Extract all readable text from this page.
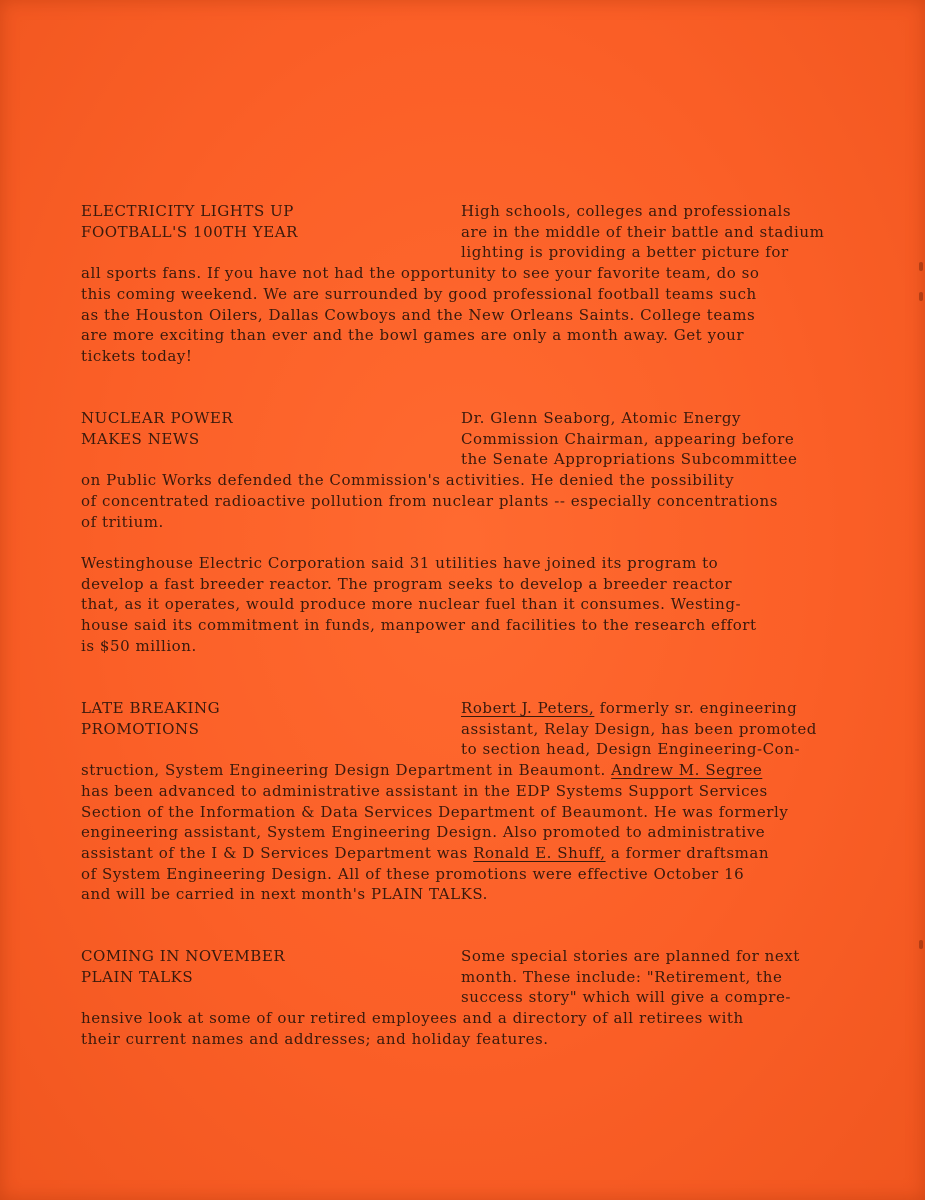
ELECTRICITY LIGHTS UP
FOOTBALL'S 100TH YEAR
High schools, colleges and professionals
are in the middle of their battle and stadium
lighting is providing a better picture for
all sports fans. If you have not had the opportunity to see your favorite team, do so
this coming weekend. We are surrounded by good professional football teams such
as the Houston Oilers, Dallas Cowboys and the New Orleans Saints. College teams
are more exciting than ever and the bowl games are only a month away. Get your
tickets today!
NUCLEAR POWER
MAKES NEWS
Dr. Glenn Seaborg, Atomic Energy
Commission Chairman, appearing before
the Senate Appropriations Subcommittee
on Public Works defended the Commission's activities. He denied the possibility
of concentrated radioactive pollution from nuclear plants -- especially concentrations
of tritium.
Westinghouse Electric Corporation said 31 utilities have joined its program to
develop a fast breeder reactor. The program seeks to develop a breeder reactor
that, as it operates, would produce more nuclear fuel than it consumes. Westing-
house said its commitment in funds, manpower and facilities to the research effort
is $50 million.
LATE BREAKING
PROMOTIONS
Robert J. Peters, formerly sr. engineering
assistant, Relay Design, has been promoted
to section head, Design Engineering-Con-
struction, System Engineering Design Department in Beaumont. Andrew M. Segree
has been advanced to administrative assistant in the EDP Systems Support Services
Section of the Information & Data Services Department of Beaumont. He was formerly
engineering assistant, System Engineering Design. Also promoted to administrative
assistant of the I & D Services Department was Ronald E. Shuff, a former draftsman
of System Engineering Design. All of these promotions were effective October 16
and will be carried in next month's PLAIN TALKS.
COMING IN NOVEMBER
PLAIN TALKS
Some special stories are planned for next
month. These include: "Retirement, the
success story" which will give a compre-
hensive look at some of our retired employees and a directory of all retirees with
their current names and addresses; and holiday features.
